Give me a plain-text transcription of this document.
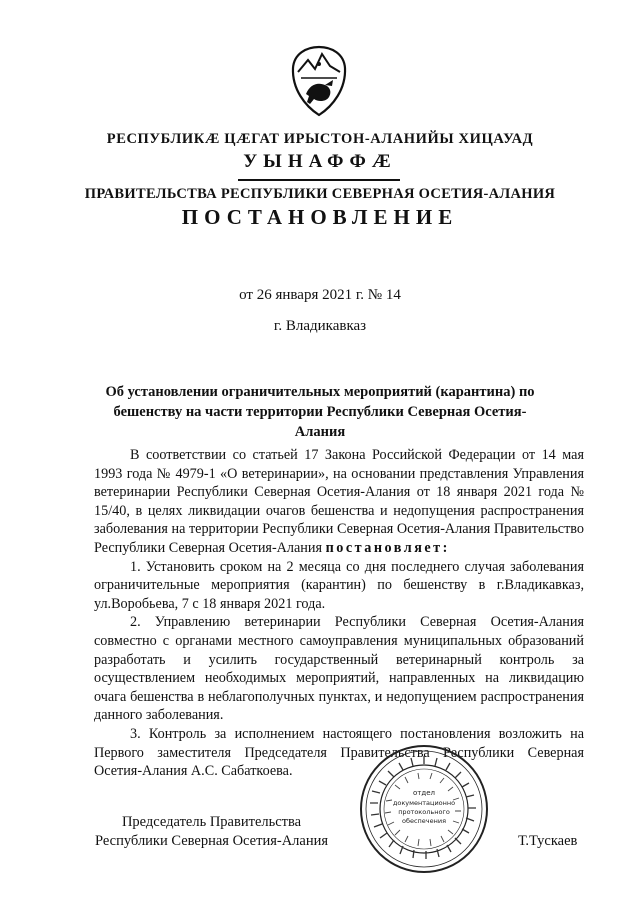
РЕСПУБЛИКӔ ЦӔГАТ ИРЫСТОН-АЛАНИЙЫ ХИЦАУАД
УЫНАФФӔ
ПРАВИТЕЛЬСТВА РЕСПУБЛИКИ СЕВЕРНАЯ ОСЕТИЯ-АЛАНИЯ
ПОСТАНОВЛЕНИЕ
от 26 января 2021 г. № 14
г. Владикавказ
Об установлении ограничительных мероприятий (карантина) по
бешенству на части территории Республики Северная Осетия-Алания

В соответствии со статьей 17 Закона Российской Федерации от 14 мая 1993 года № 4979-1 «О ветеринарии», на основании представления Управления ветеринарии Республики Северная Осетия-Алания от 18 января 2021 года № 15/40, в целях ликвидации очагов бешенства и недопущения распространения заболевания на территории Республики Северная Осетия-Алания Правительство Республики Северная Осетия-Алания постановляет:

1. Установить сроком на 2 месяца со дня последнего случая заболевания ограничительные мероприятия (карантин) по бешенству в г.Владикавказ, ул.Воробьева, 7 с 18 января 2021 года.

2. Управлению ветеринарии Республики Северная Осетия-Алания совместно с органами местного самоуправления муниципальных образований разработать и усилить государственный ветеринарный контроль за осуществлением необходимых мероприятий, направленных на ликвидацию очага бешенства в неблагополучных пунктах, и недопущением распространения данного заболевания.

3. Контроль за исполнением настоящего постановления возложить на Первого заместителя Председателя Правительства Республики Северная Осетия-Алания А.С. Сабаткоева.

Председатель Правительства
Республики Северная Осетия-Алания	Т.Тускаев
отдел
документационно
протокольного
обеспечения
